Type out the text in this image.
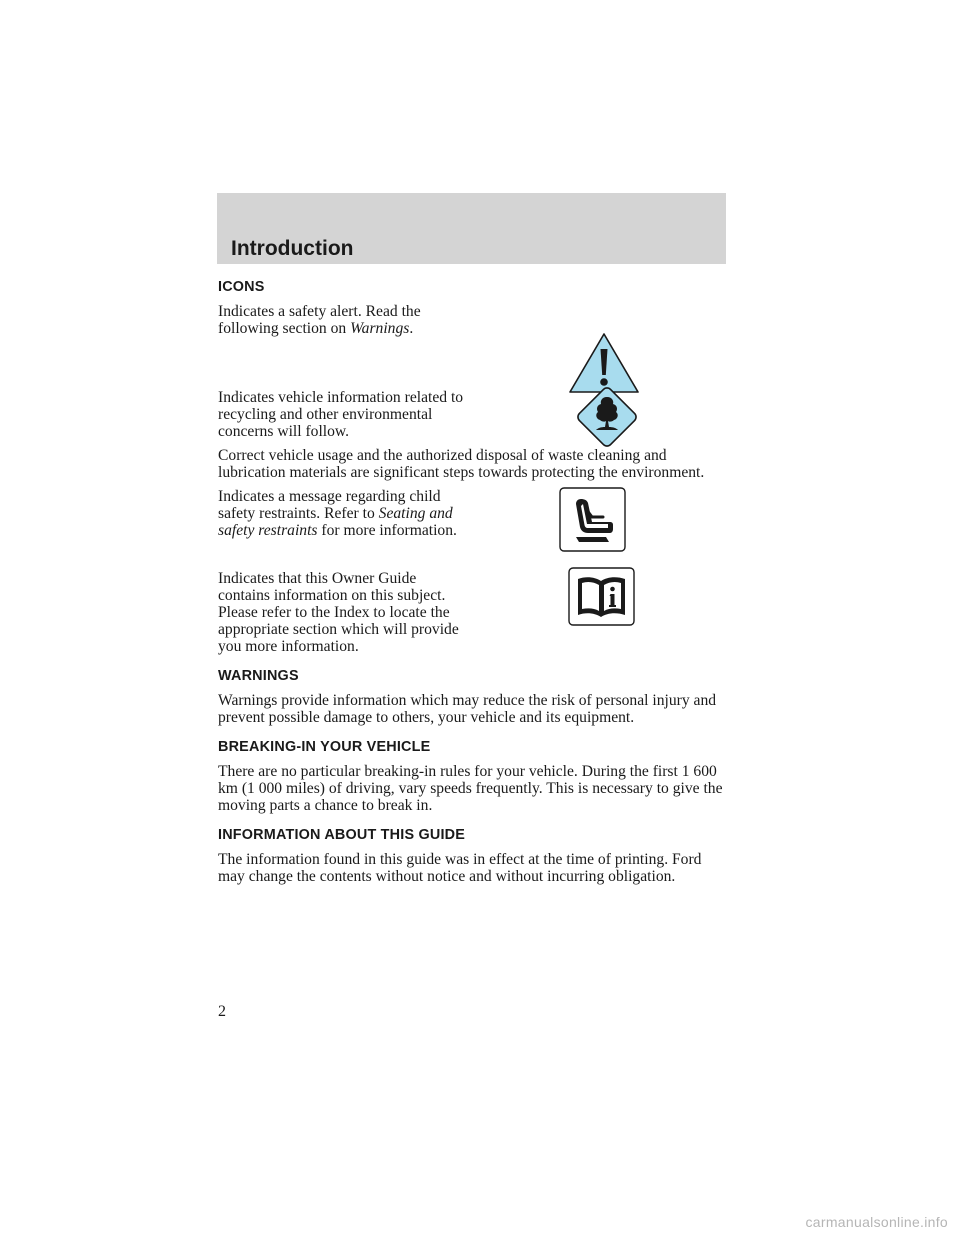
Introduction
ICONS

Indicates a safety alert. Read the following section on Warnings.

Indicates vehicle information related to recycling and other environmental concerns will follow.

Correct vehicle usage and the authorized disposal of waste cleaning and lubrication materials are significant steps towards protecting the environment.

Indicates a message regarding child safety restraints. Refer to Seating and safety restraints for more information.

Indicates that this Owner Guide contains information on this subject. Please refer to the Index to locate the appropriate section which will provide you more information.

WARNINGS

Warnings provide information which may reduce the risk of personal injury and prevent possible damage to others, your vehicle and its equipment.

BREAKING-IN YOUR VEHICLE

There are no particular breaking-in rules for your vehicle. During the first 1 600 km (1 000 miles) of driving, vary speeds frequently. This is necessary to give the moving parts a chance to break in.

INFORMATION ABOUT THIS GUIDE

The information found in this guide was in effect at the time of printing. Ford may change the contents without notice and without incurring obligation.

2
carmanualsonline.info
